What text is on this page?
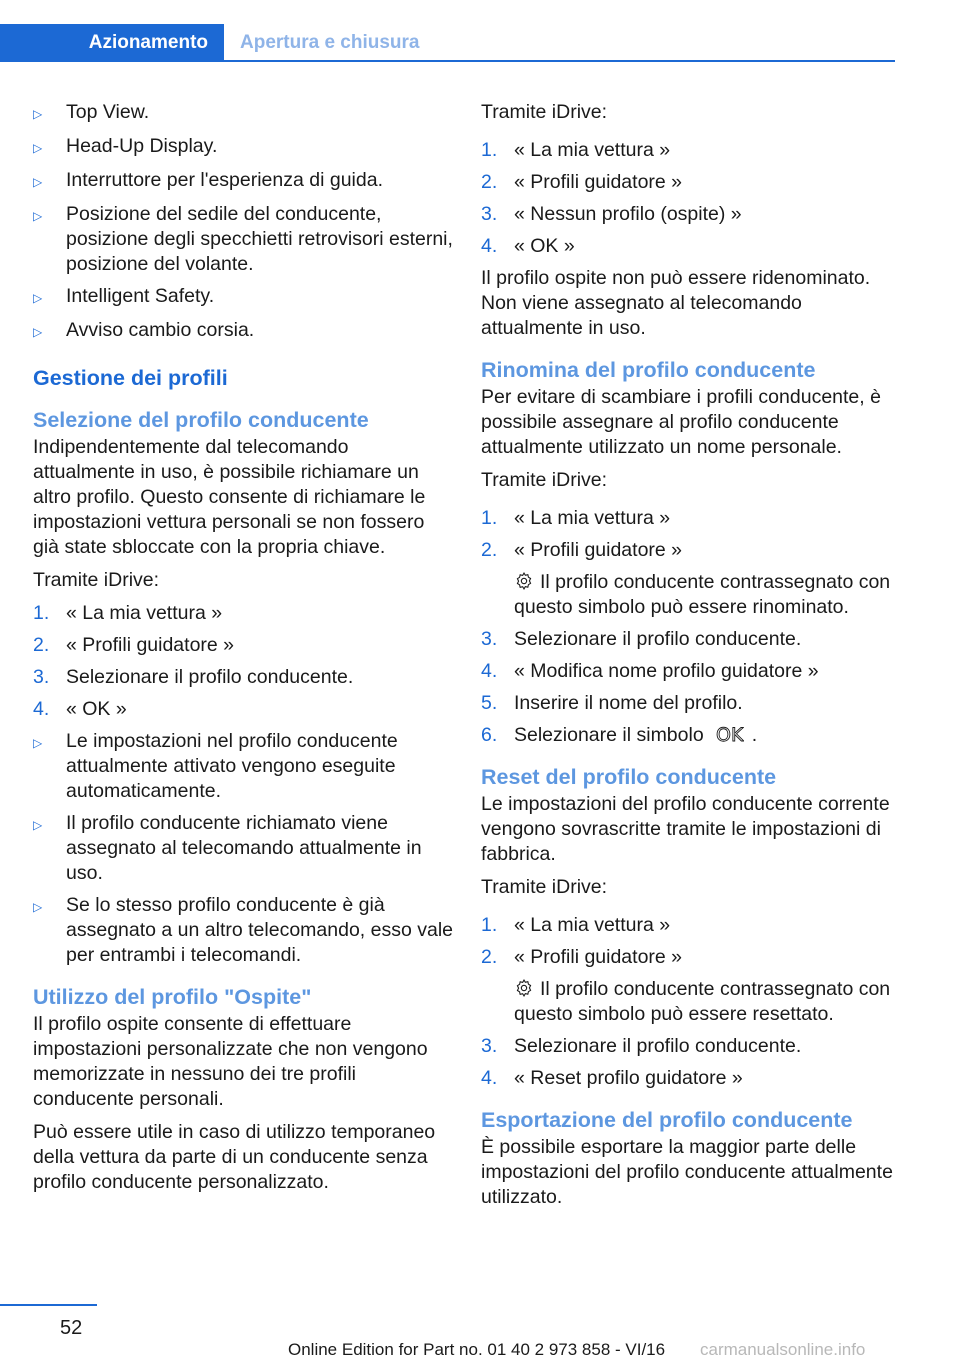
Azionamento Apertura e chiusura
▷	Top View.
▷	Head-Up Display.
▷	Interruttore per l'esperienza di guida.
▷	Posizione del sedile del conducente, posizione degli specchietti retrovisori esterni, posizione del volante.
▷	Intelligent Safety.
▷	Avviso cambio corsia.
Gestione dei profili
Selezione del profilo conducente

Indipendentemente dal telecomando attualmente in uso, è possibile richiamare un altro profilo. Questo consente di richiamare le impostazioni vettura personali se non fossero già state sbloccate con la propria chiave.

Tramite iDrive:

1. « La mia vettura »
2. « Profili guidatore »
3. Selezionare il profilo conducente.
4. « OK »
▷	Le impostazioni nel profilo conducente attualmente attivato vengono eseguite automaticamente.
▷	Il profilo conducente richiamato viene assegnato al telecomando attualmente in uso.
▷	Se lo stesso profilo conducente è già assegnato a un altro telecomando, esso vale per entrambi i telecomandi.
Utilizzo del profilo "Ospite"

Il profilo ospite consente di effettuare impostazioni personalizzate che non vengono memorizzate in nessuno dei tre profili conducente personali.

Può essere utile in caso di utilizzo temporaneo della vettura da parte di un conducente senza profilo conducente personalizzato.

Tramite iDrive:

1. « La mia vettura »
2. « Profili guidatore »
3. « Nessun profilo (ospite) »
4. « OK »

Il profilo ospite non può essere ridenominato. Non viene assegnato al telecomando attualmente in uso.

Rinomina del profilo conducente

Per evitare di scambiare i profili conducente, è possibile assegnare al profilo conducente attualmente utilizzato un nome personale.

Tramite iDrive:

1. « La mia vettura »
2. « Profili guidatore »
Il profilo conducente contrassegnato con questo simbolo può essere rinominato.
3. Selezionare il profilo conducente.
4. « Modifica nome profilo guidatore »
5. Inserire il nome del profilo.
6. Selezionare il simbolo OK .
Reset del profilo conducente

Le impostazioni del profilo conducente corrente vengono sovrascritte tramite le impostazioni di fabbrica.

Tramite iDrive:

1. « La mia vettura »
2. « Profili guidatore »
Il profilo conducente contrassegnato con questo simbolo può essere resettato.
3. Selezionare il profilo conducente.
4. « Reset profilo guidatore »
Esportazione del profilo conducente

È possibile esportare la maggior parte delle impostazioni del profilo conducente attualmente utilizzato.

52
Online Edition for Part no. 01 40 2 973 858 - VI/16 carmanualsonline.info
